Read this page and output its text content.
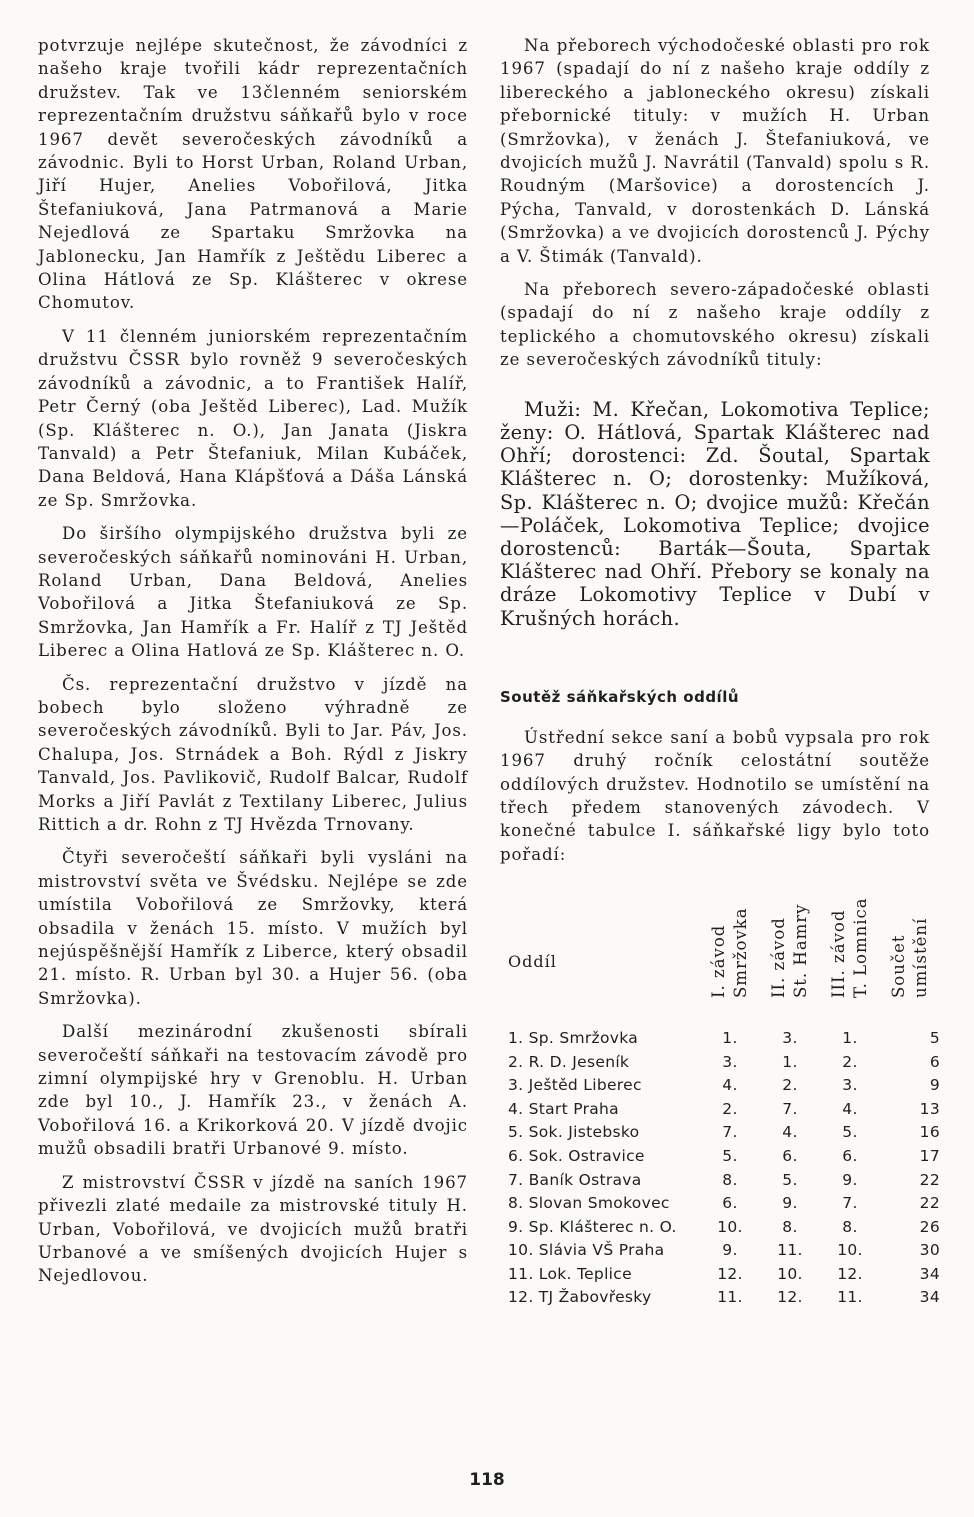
potvrzuje nejlépe skutečnost, že závodníci z našeho kraje tvořili kádr reprezentačních družstev. Tak ve 13členném seniorském reprezentačním družstvu sáňkařů bylo v roce 1967 devět severočeských závodníků a závodnic. Byli to Horst Urban, Roland Urban, Jiří Hujer, Anelies Vobořilová, Jitka Štefaniuková, Jana Patrmanová a Marie Nejedlová ze Spartaku Smržovka na Jablonecku, Jan Hamřík z Ještědu Liberec a Olina Hátlová ze Sp. Klášterec v okrese Chomutov.

V 11 členném juniorském reprezentačním družstvu ČSSR bylo rovněž 9 severočeských závodníků a závodnic, a to František Halíř, Petr Černý (oba Ještěd Liberec), Lad. Mužík (Sp. Klášterec n. O.), Jan Janata (Jiskra Tanvald) a Petr Štefaniuk, Milan Kubáček, Dana Beldová, Hana Klápšťová a Dáša Lánská ze Sp. Smržovka.

Do širšího olympijského družstva byli ze severočeských sáňkařů nominováni H. Urban, Roland Urban, Dana Beldová, Anelies Vobořilová a Jitka Štefaniuková ze Sp. Smržovka, Jan Hamřík a Fr. Halíř z TJ Ještěd Liberec a Olina Hatlová ze Sp. Klášterec n. O.

Čs. reprezentační družstvo v jízdě na bobech bylo složeno výhradně ze severočeských závodníků. Byli to Jar. Páv, Jos. Chalupa, Jos. Strnádek a Boh. Rýdl z Jiskry Tanvald, Jos. Pavlikovič, Rudolf Balcar, Rudolf Morks a Jiří Pavlát z Textilany Liberec, Julius Rittich a dr. Rohn z TJ Hvězda Trnovany.

Čtyři severočeští sáňkaři byli vysláni na mistrovství světa ve Švédsku. Nejlépe se zde umístila Vobořilová ze Smržovky, která obsadila v ženách 15. místo. V mužích byl nejúspěšnější Hamřík z Liberce, který obsadil 21. místo. R. Urban byl 30. a Hujer 56. (oba Smržovka).

Další mezinárodní zkušenosti sbírali severočeští sáňkaři na testovacím závodě pro zimní olympijské hry v Grenoblu. H. Urban zde byl 10., J. Hamřík 23., v ženách A. Vobořilová 16. a Krikorková 20. V jízdě dvojic mužů obsadili bratři Urbanové 9. místo.

Z mistrovství ČSSR v jízdě na saních 1967 přivezli zlaté medaile za mistrovské tituly H. Urban, Vobořilová, ve dvojicích mužů bratři Urbanové a ve smíšených dvojicích Hujer s Nejedlovou.

Na přeborech východočeské oblasti pro rok 1967 (spadají do ní z našeho kraje oddíly z libereckého a jabloneckého okresu) získali přebornické tituly: v mužích H. Urban (Smržovka), v ženách J. Štefaniuková, ve dvojicích mužů J. Navrátil (Tanvald) spolu s R. Roudným (Maršovice) a dorostencích J. Pýcha, Tanvald, v dorostenkách D. Lánská (Smržovka) a ve dvojicích dorostenců J. Pýchy a V. Štimák (Tanvald).

Na přeborech severo-západočeské oblasti (spadají do ní z našeho kraje oddíly z teplického a chomutovského okresu) získali ze severočeských závodníků tituly:

Muži: M. Křečan, Lokomotiva Teplice; ženy: O. Hátlová, Spartak Klášterec nad Ohří; dorostenci: Zd. Šoutal, Spartak Klášterec n. O; dorostenky: Mužíková, Sp. Klášterec n. O; dvojice mužů: Křečán—Poláček, Lokomotiva Teplice; dvojice dorostenců: Barták—Šouta, Spartak Klášterec nad Ohří. Přebory se konaly na dráze Lokomotivy Teplice v Dubí v Krušných horách.

Soutěž sáňkařských oddílů

Ústřední sekce saní a bobů vypsala pro rok 1967 druhý ročník celostátní soutěže oddílových družstev. Hodnotilo se umístění na třech předem stanovených závodech. V konečné tabulce I. sáňkařské ligy bylo toto pořadí:

Oddíl	I. závod Smržovka	II. závod St. Hamry	III. závod T. Lomnica	Součet umístění

1. Sp. Smržovka	1.	3.	1.	5
2. R. D. Jeseník	3.	1.	2.	6
3. Ještěd Liberec	4.	2.	3.	9
4. Start Praha	2.	7.	4.	13
5. Sok. Jistebsko	7.	4.	5.	16
6. Sok. Ostravice	5.	6.	6.	17
7. Baník Ostrava	8.	5.	9.	22
8. Slovan Smokovec	6.	9.	7.	22
9. Sp. Klášterec n. O.	10.	8.	8.	26
10. Slávia VŠ Praha	9.	11.	10.	30
11. Lok. Teplice	12.	10.	12.	34
12. TJ Žabovřesky	11.	12.	11.	34
118
